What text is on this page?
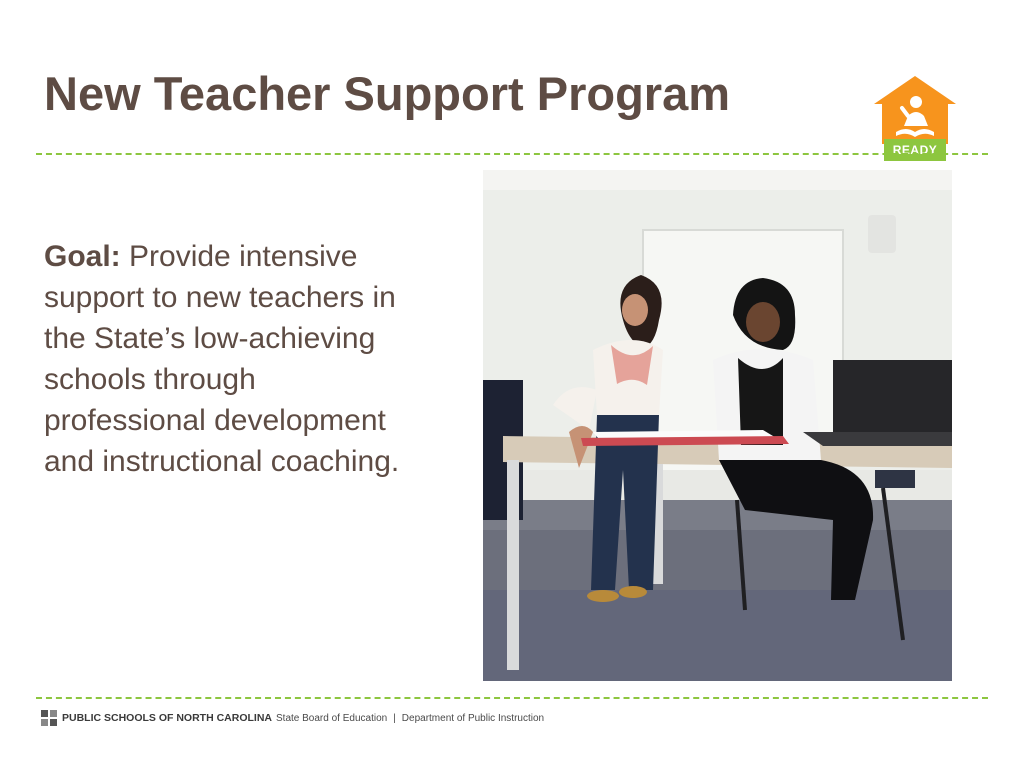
New Teacher Support Program
READY
Goal: Provide intensive support to new teachers in the State’s low-achieving schools through professional development and instructional coaching.
PUBLIC SCHOOLS OF NORTH CAROLINA State Board of Education | Department of Public Instruction
